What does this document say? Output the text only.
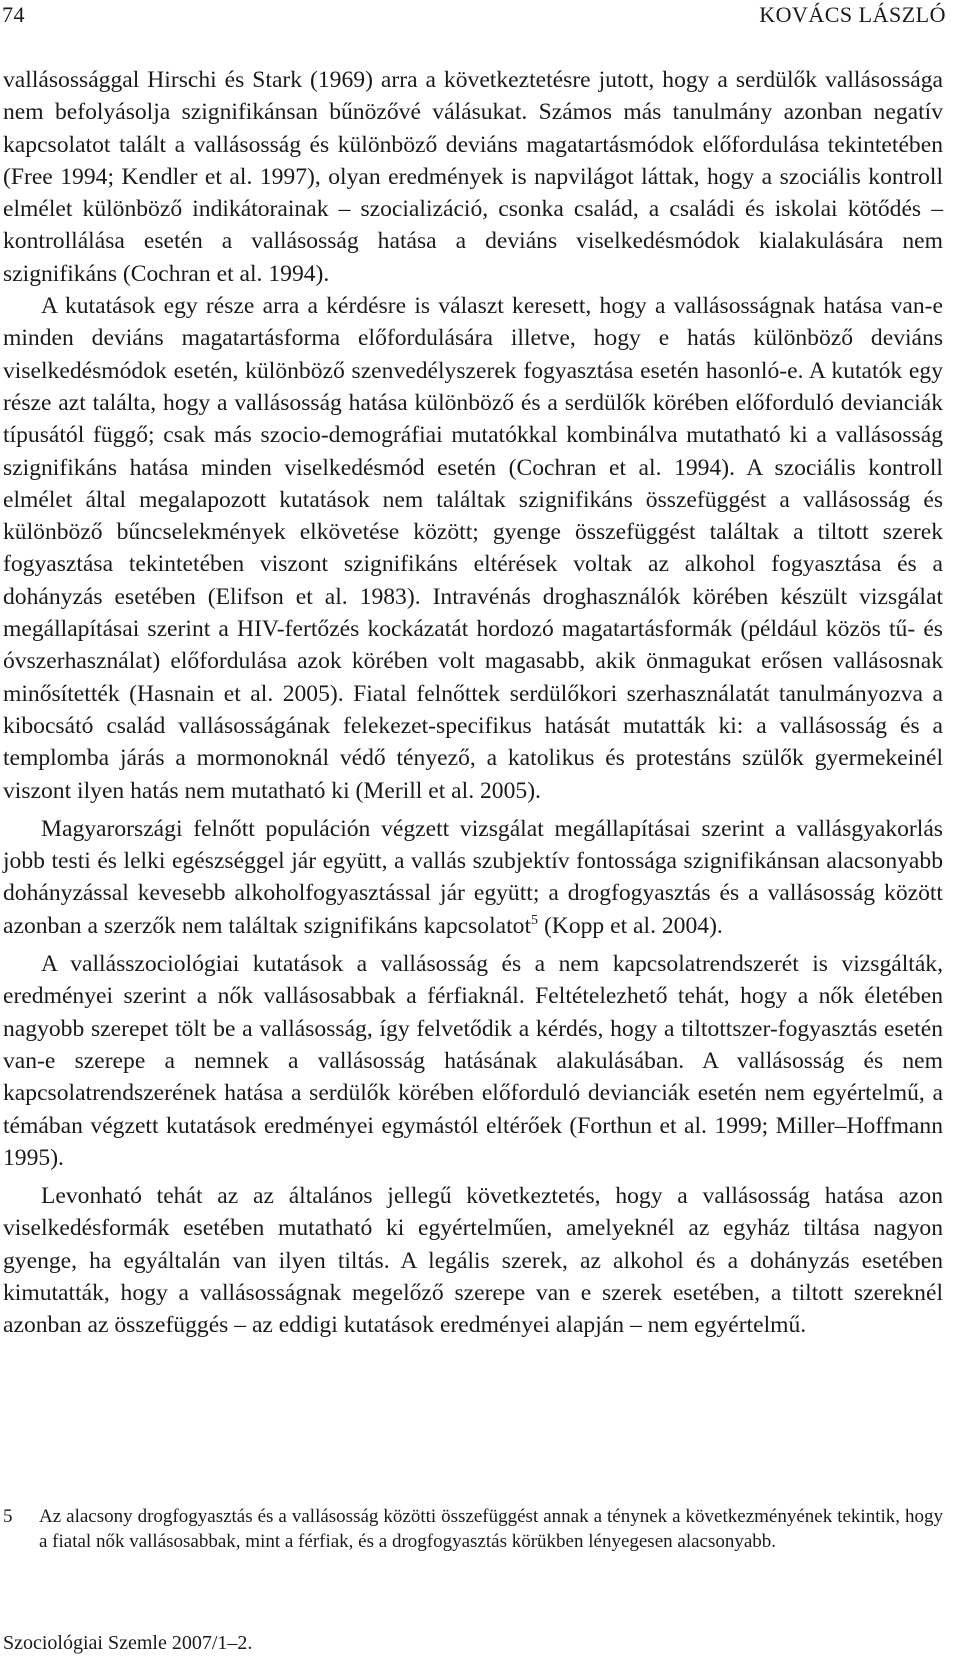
74	KOVÁCS LÁSZLÓ

vallásossággal Hirschi és Stark (1969) arra a következtetésre jutott, hogy a serdülők vallásossága nem befolyásolja szignifikánsan bűnözővé válásukat. Számos más tanulmány azonban negatív kapcsolatot talált a vallásosság és különböző deviáns magatartásmódok előfordulása tekintetében (Free 1994; Kendler et al. 1997), olyan eredmények is napvilágot láttak, hogy a szociális kontroll elmélet különböző indikátorainak – szocializáció, csonka család, a családi és iskolai kötődés – kontrollálása esetén a vallásosság hatása a deviáns viselkedésmódok kialakulására nem szignifikáns (Cochran et al. 1994).

A kutatások egy része arra a kérdésre is választ keresett, hogy a vallásosságnak hatása van-e minden deviáns magatartásforma előfordulására illetve, hogy e hatás különböző deviáns viselkedésmódok esetén, különböző szenvedélyszerek fogyasztása esetén hasonló-e. A kutatók egy része azt találta, hogy a vallásosság hatása különböző és a serdülők körében előforduló devianciák típusától függő; csak más szocio-demográfiai mutatókkal kombinálva mutatható ki a vallásosság szignifikáns hatása minden viselkedésmód esetén (Cochran et al. 1994). A szociális kontroll elmélet által megalapozott kutatások nem találtak szignifikáns összefüggést a vallásosság és különböző bűncselekmények elkövetése között; gyenge összefüggést találtak a tiltott szerek fogyasztása tekintetében viszont szignifikáns eltérések voltak az alkohol fogyasztása és a dohányzás esetében (Elifson et al. 1983). Intravénás droghasználók körében készült vizsgálat megállapításai szerint a HIV-fertőzés kockázatát hordozó magatartásformák (például közös tű- és óvszerhasználat) előfordulása azok körében volt magasabb, akik önmagukat erősen vallásosnak minősítették (Hasnain et al. 2005). Fiatal felnőttek serdülőkori szerhasználatát tanulmányozva a kibocsátó család vallásosságának felekezet-specifikus hatását mutatták ki: a vallásosság és a templomba járás a mormonoknál védő tényező, a katolikus és protestáns szülők gyermekeinél viszont ilyen hatás nem mutatható ki (Merill et al. 2005).

Magyarországi felnőtt populáción végzett vizsgálat megállapításai szerint a vallásgyakorlás jobb testi és lelki egészséggel jár együtt, a vallás szubjektív fontossága szignifikánsan alacsonyabb dohányzással kevesebb alkoholfogyasztással jár együtt; a drogfogyasztás és a vallásosság között azonban a szerzők nem találtak szignifikáns kapcsolatot$^5$ (Kopp et al. 2004).

A vallásszociológiai kutatások a vallásosság és a nem kapcsolatrendszerét is vizsgálták, eredményei szerint a nők vallásosabbak a férfiaknál. Feltételezhető tehát, hogy a nők életében nagyobb szerepet tölt be a vallásosság, így felvetődik a kérdés, hogy a tiltottszer-fogyasztás esetén van-e szerepe a nemnek a vallásosság hatásának alakulásában. A vallásosság és nem kapcsolatrendszerének hatása a serdülők körében előforduló devianciák esetén nem egyértelmű, a témában végzett kutatások eredményei egymástól eltérőek (Forthun et al. 1999; Miller–Hoffmann 1995).

Levonható tehát az az általános jellegű következtetés, hogy a vallásosság hatása azon viselkedésformák esetében mutatható ki egyértelműen, amelyeknél az egyház tiltása nagyon gyenge, ha egyáltalán van ilyen tiltás. A legális szerek, az alkohol és a dohányzás esetében kimutatták, hogy a vallásosságnak megelőző szerepe van e szerek esetében, a tiltott szereknél azonban az összefüggés – az eddigi kutatások eredményei alapján – nem egyértelmű.

5	Az alacsony drogfogyasztás és a vallásosság közötti összefüggést annak a ténynek a következményének tekintik, hogy a fiatal nők vallásosabbak, mint a férfiak, és a drogfogyasztás körükben lényegesen alacsonyabb.
Szociológiai Szemle 2007/1–2.
